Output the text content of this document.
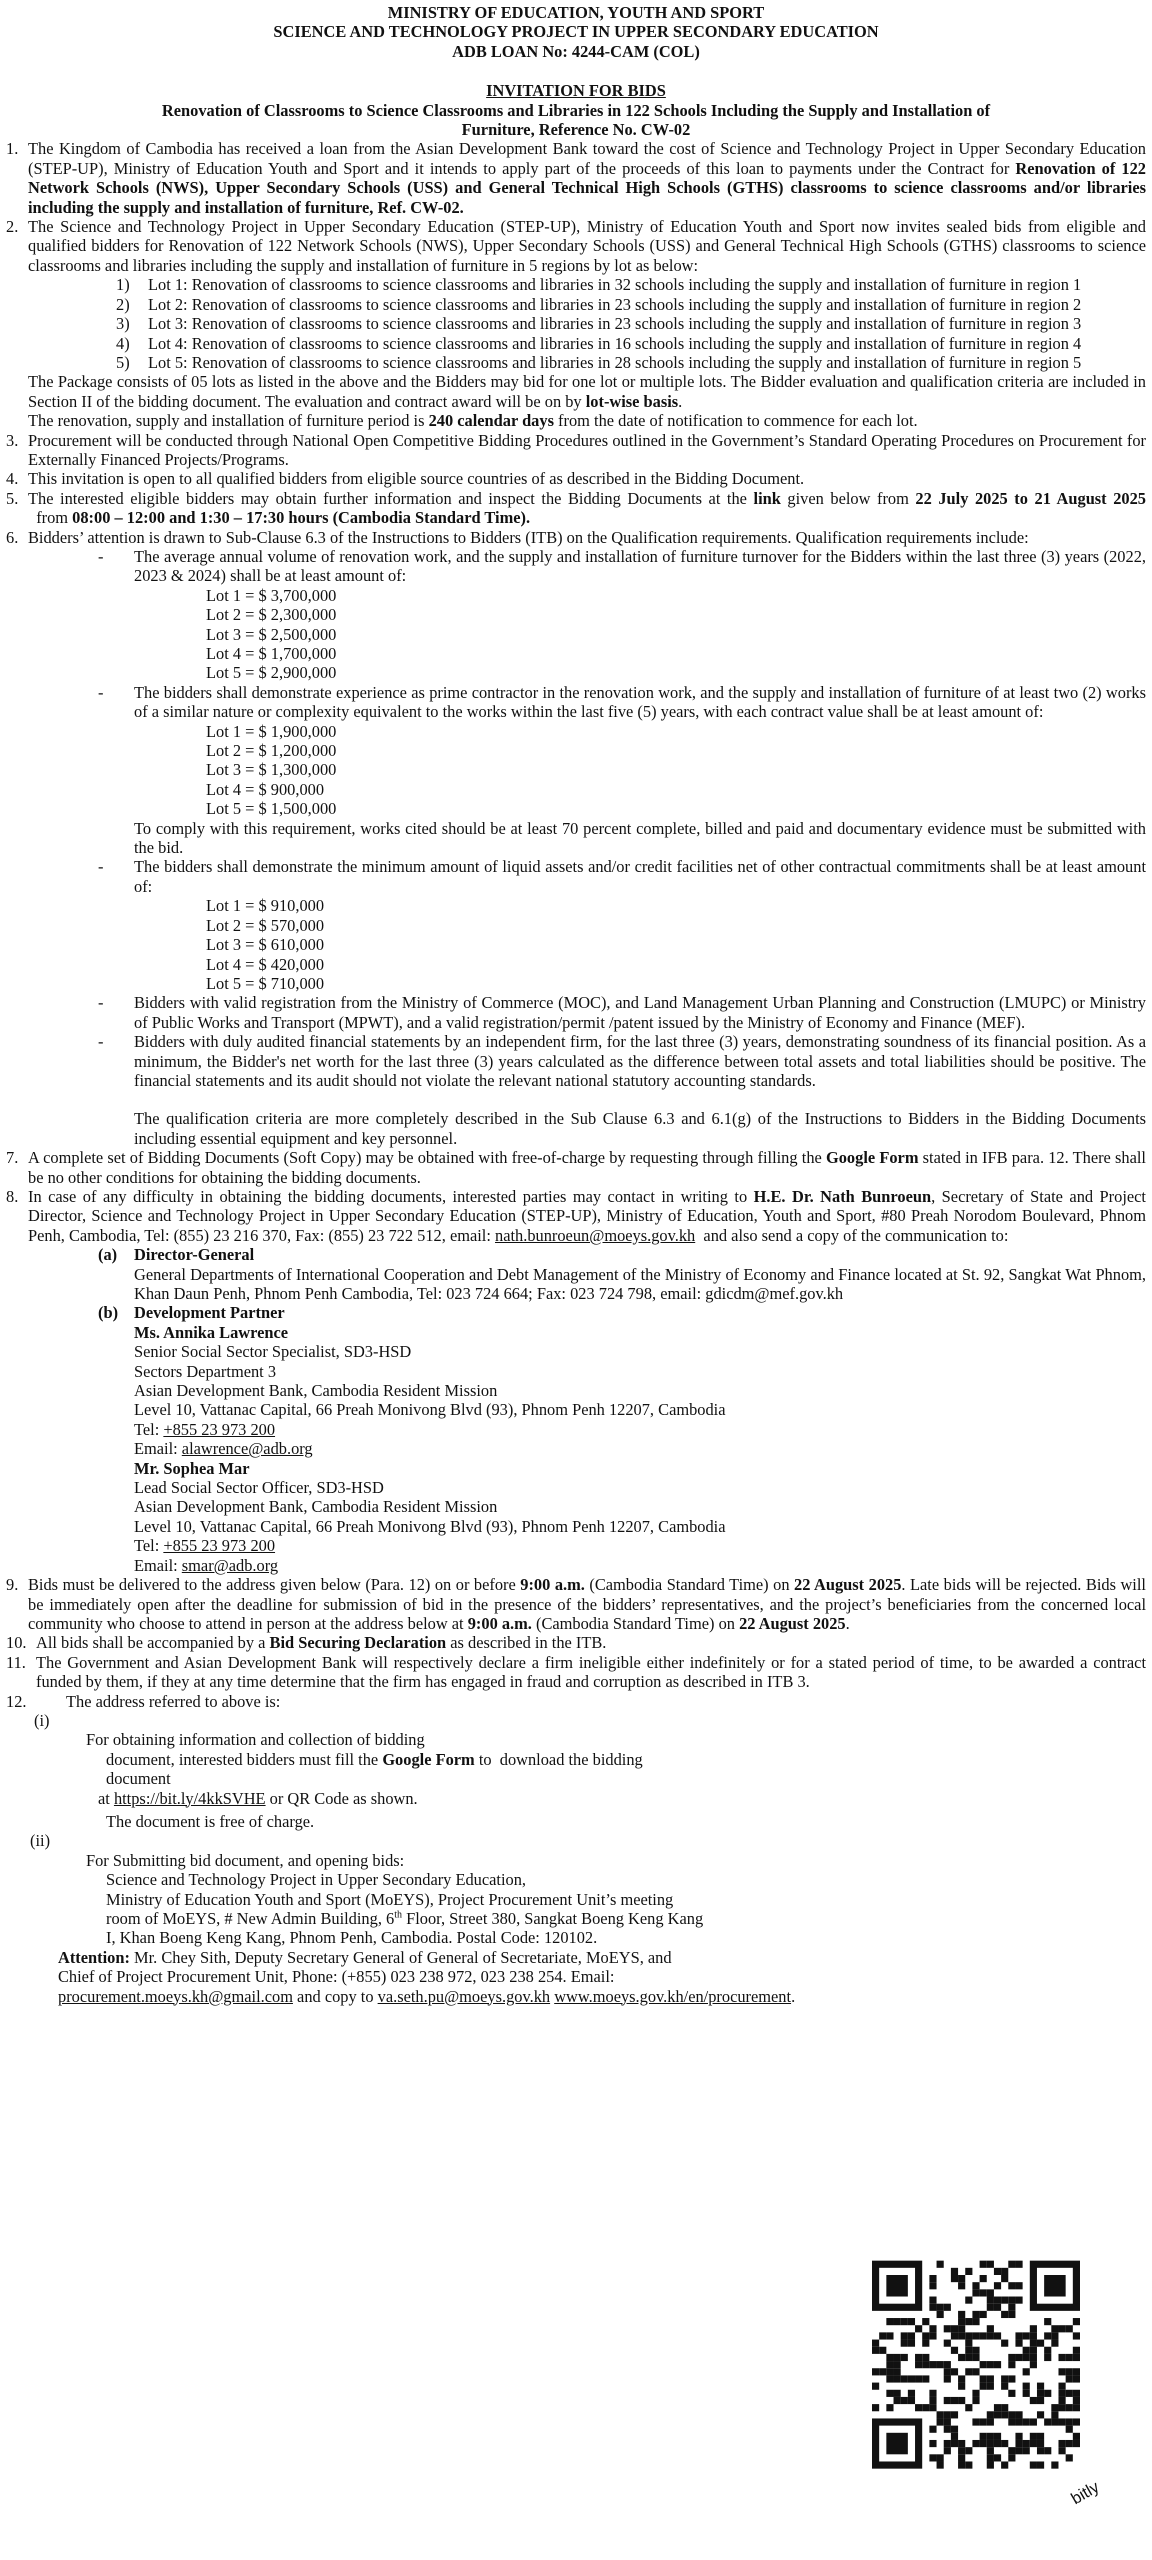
MINISTRY OF EDUCATION, YOUTH AND SPORT
SCIENCE AND TECHNOLOGY PROJECT IN UPPER SECONDARY EDUCATION
ADB LOAN No: 4244-CAM (COL)
INVITATION FOR BIDS
Renovation of Classrooms to Science Classrooms and Libraries in 122 Schools Including the Supply and Installation of
Furniture, Reference No. CW-02
1. The Kingdom of Cambodia has received a loan from the Asian Development Bank toward the cost of Science and Technology Project in Upper Secondary Education (STEP-UP), Ministry of Education Youth and Sport and it intends to apply part of the proceeds of this loan to payments under the Contract for Renovation of 122 Network Schools (NWS), Upper Secondary Schools (USS) and General Technical High Schools (GTHS) classrooms to science classrooms and/or libraries including the supply and installation of furniture, Ref. CW-02.
2. The Science and Technology Project in Upper Secondary Education (STEP-UP), Ministry of Education Youth and Sport now invites sealed bids from eligible and qualified bidders for Renovation of 122 Network Schools (NWS), Upper Secondary Schools (USS) and General Technical High Schools (GTHS) classrooms to science classrooms and libraries including the supply and installation of furniture in 5 regions by lot as below:
1) Lot 1: Renovation of classrooms to science classrooms and libraries in 32 schools including the supply and installation of furniture in region 1
2) Lot 2: Renovation of classrooms to science classrooms and libraries in 23 schools including the supply and installation of furniture in region 2
3) Lot 3: Renovation of classrooms to science classrooms and libraries in 23 schools including the supply and installation of furniture in region 3
4) Lot 4: Renovation of classrooms to science classrooms and libraries in 16 schools including the supply and installation of furniture in region 4
5) Lot 5: Renovation of classrooms to science classrooms and libraries in 28 schools including the supply and installation of furniture in region 5
The Package consists of 05 lots as listed in the above and the Bidders may bid for one lot or multiple lots. The Bidder evaluation and qualification criteria are included in Section II of the bidding document. The evaluation and contract award will be on by lot-wise basis.
The renovation, supply and installation of furniture period is 240 calendar days from the date of notification to commence for each lot.
3. Procurement will be conducted through National Open Competitive Bidding Procedures outlined in the Government’s Standard Operating Procedures on Procurement for Externally Financed Projects/Programs.
4. This invitation is open to all qualified bidders from eligible source countries of as described in the Bidding Document.
5. The interested eligible bidders may obtain further information and inspect the Bidding Documents at the link given below from 22 July 2025 to 21 August 2025  from 08:00 – 12:00 and 1:30 – 17:30 hours (Cambodia Standard Time).
6. Bidders’ attention is drawn to Sub-Clause 6.3 of the Instructions to Bidders (ITB) on the Qualification requirements. Qualification requirements include:
- The average annual volume of renovation work, and the supply and installation of furniture turnover for the Bidders within the last three (3) years (2022, 2023 & 2024) shall be at least amount of:
Lot 1 = $ 3,700,000
Lot 2 = $ 2,300,000
Lot 3 = $ 2,500,000
Lot 4 = $ 1,700,000
Lot 5 = $ 2,900,000
- The bidders shall demonstrate experience as prime contractor in the renovation work, and the supply and installation of furniture of at least two (2) works of a similar nature or complexity equivalent to the works within the last five (5) years, with each contract value shall be at least amount of:
Lot 1 = $ 1,900,000
Lot 2 = $ 1,200,000
Lot 3 = $ 1,300,000
Lot 4 = $ 900,000
Lot 5 = $ 1,500,000
To comply with this requirement, works cited should be at least 70 percent complete, billed and paid and documentary evidence must be submitted with the bid.
- The bidders shall demonstrate the minimum amount of liquid assets and/or credit facilities net of other contractual commitments shall be at least amount of:
Lot 1 = $ 910,000
Lot 2 = $ 570,000
Lot 3 = $ 610,000
Lot 4 = $ 420,000
Lot 5 = $ 710,000
- Bidders with valid registration from the Ministry of Commerce (MOC), and Land Management Urban Planning and Construction (LMUPC) or Ministry of Public Works and Transport (MPWT), and a valid registration/permit /patent issued by the Ministry of Economy and Finance (MEF).
- Bidders with duly audited financial statements by an independent firm, for the last three (3) years, demonstrating soundness of its financial position. As a minimum, the Bidder's net worth for the last three (3) years calculated as the difference between total assets and total liabilities should be positive. The financial statements and its audit should not violate the relevant national statutory accounting standards.
The qualification criteria are more completely described in the Sub Clause 6.3 and 6.1(g) of the Instructions to Bidders in the Bidding Documents including essential equipment and key personnel.
7. A complete set of Bidding Documents (Soft Copy) may be obtained with free-of-charge by requesting through filling the Google Form stated in IFB para. 12. There shall be no other conditions for obtaining the bidding documents.
8. In case of any difficulty in obtaining the bidding documents, interested parties may contact in writing to H.E. Dr. Nath Bunroeun, Secretary of State and Project Director, Science and Technology Project in Upper Secondary Education (STEP-UP), Ministry of Education, Youth and Sport, #80 Preah Norodom Boulevard, Phnom Penh, Cambodia, Tel: (855) 23 216 370, Fax: (855) 23 722 512, email: nath.bunroeun@moeys.gov.kh  and also send a copy of the communication to:
(a) Director-General
General Departments of International Cooperation and Debt Management of the Ministry of Economy and Finance located at St. 92, Sangkat Wat Phnom, Khan Daun Penh, Phnom Penh Cambodia, Tel: 023 724 664; Fax: 023 724 798, email: gdicdm@mef.gov.kh
(b) Development Partner
Ms. Annika Lawrence
Senior Social Sector Specialist, SD3-HSD
Sectors Department 3
Asian Development Bank, Cambodia Resident Mission
Level 10, Vattanac Capital, 66 Preah Monivong Blvd (93), Phnom Penh 12207, Cambodia
Tel: +855 23 973 200
Email: alawrence@adb.org
Mr. Sophea Mar
Lead Social Sector Officer, SD3-HSD
Asian Development Bank, Cambodia Resident Mission
Level 10, Vattanac Capital, 66 Preah Monivong Blvd (93), Phnom Penh 12207, Cambodia
Tel: +855 23 973 200
Email: smar@adb.org
9. Bids must be delivered to the address given below (Para. 12) on or before 9:00 a.m. (Cambodia Standard Time) on 22 August 2025. Late bids will be rejected. Bids will be immediately open after the deadline for submission of bid in the presence of the bidders’ representatives, and the project’s beneficiaries from the concerned local community who choose to attend in person at the address below at 9:00 a.m. (Cambodia Standard Time) on 22 August 2025.
10. All bids shall be accompanied by a Bid Securing Declaration as described in the ITB.
11. The Government and Asian Development Bank will respectively declare a firm ineligible either indefinitely or for a stated period of time, to be awarded a contract funded by them, if they at any time determine that the firm has engaged in fraud and corruption as described in ITB 3.
12. The address referred to above is:
(i)
For obtaining information and collection of bidding
document, interested bidders must fill the Google Form to  download the bidding
document
at https://bit.ly/4kkSVHE or QR Code as shown.
The document is free of charge.
(ii)
For Submitting bid document, and opening bids:
Science and Technology Project in Upper Secondary Education,
Ministry of Education Youth and Sport (MoEYS), Project Procurement Unit’s meeting
room of MoEYS, # New Admin Building, 6th Floor, Street 380, Sangkat Boeng Keng Kang
I, Khan Boeng Keng Kang, Phnom Penh, Cambodia. Postal Code: 120102.
Attention: Mr. Chey Sith, Deputy Secretary General of General of Secretariate, MoEYS, and
Chief of Project Procurement Unit, Phone: (+855) 023 238 972, 023 238 254. Email:
procurement.moeys.kh@gmail.com and copy to va.seth.pu@moeys.gov.kh www.moeys.gov.kh/en/procurement.
bitly
